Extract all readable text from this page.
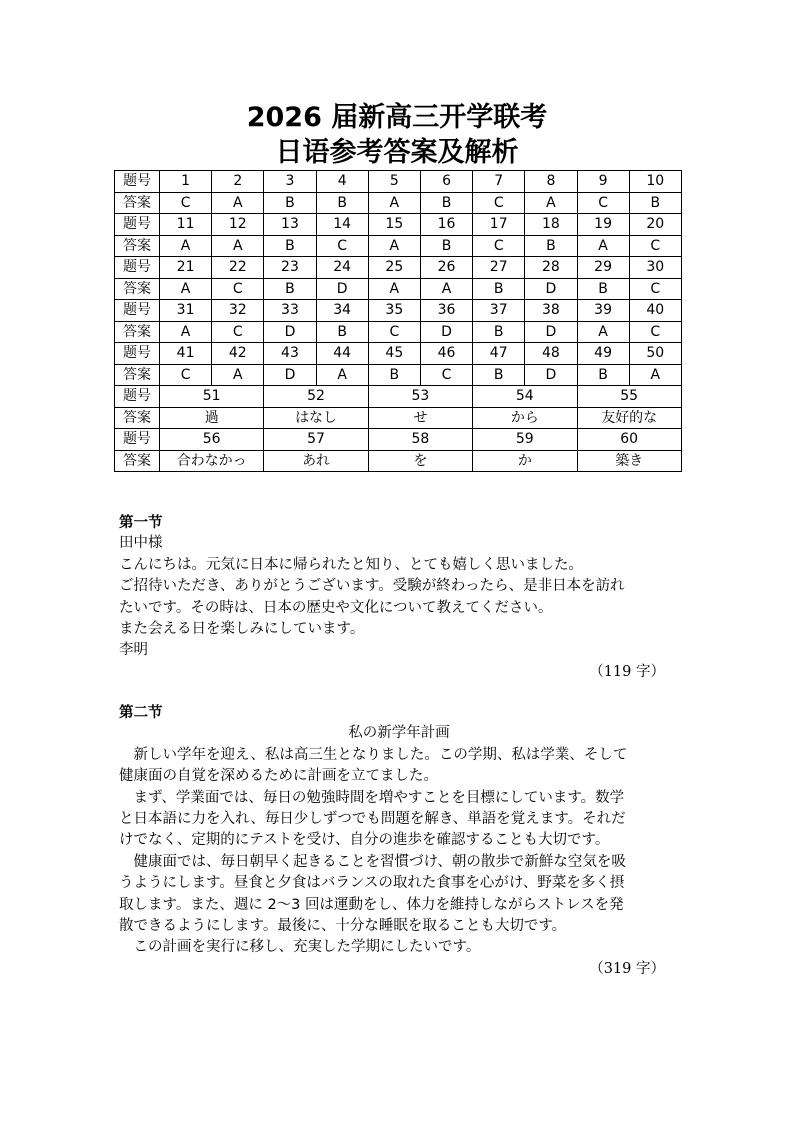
2026 届新高三开学联考
日语参考答案及解析
题号	1	2	3	4	5	6	7	8	9	10
答案	C	A	B	B	A	B	C	A	C	B
题号	11	12	13	14	15	16	17	18	19	20
答案	A	A	B	C	A	B	C	B	A	C
题号	21	22	23	24	25	26	27	28	29	30
答案	A	C	B	D	A	A	B	D	B	C
题号	31	32	33	34	35	36	37	38	39	40
答案	A	C	D	B	C	D	B	D	A	C
题号	41	42	43	44	45	46	47	48	49	50
答案	C	A	D	A	B	C	B	D	B	A
题号	51		52		53		54		55	
答案	過		はなし		せ		から		友好的な	
题号	56		57		58		59		60	
答案	合わなかっ		あれ		を		か		築き	

第一节

田中様

こんにちは。元気に日本に帰られたと知り、とても嬉しく思いました。

ご招待いただき、ありがとうございます。受験が終わったら、是非日本を訪れ

たいです。その時は、日本の歴史や文化について教えてください。

また会える日を楽しみにしています。

李明

（119 字）

第二节

私の新学年計画

新しい学年を迎え、私は高三生となりました。この学期、私は学業、そして

健康面の自覚を深めるために計画を立てました。

まず、学業面では、毎日の勉強時間を増やすことを目標にしています。数学

と日本語に力を入れ、毎日少しずつでも問題を解き、単語を覚えます。それだ

けでなく、定期的にテストを受け、自分の進歩を確認することも大切です。

健康面では、毎日朝早く起きることを習慣づけ、朝の散歩で新鮮な空気を吸

うようにします。昼食と夕食はバランスの取れた食事を心がけ、野菜を多く摂

取します。また、週に 2～3 回は運動をし、体力を維持しながらストレスを発

散できるようにします。最後に、十分な睡眠を取ることも大切です。

この計画を実行に移し、充実した学期にしたいです。

（319 字）
